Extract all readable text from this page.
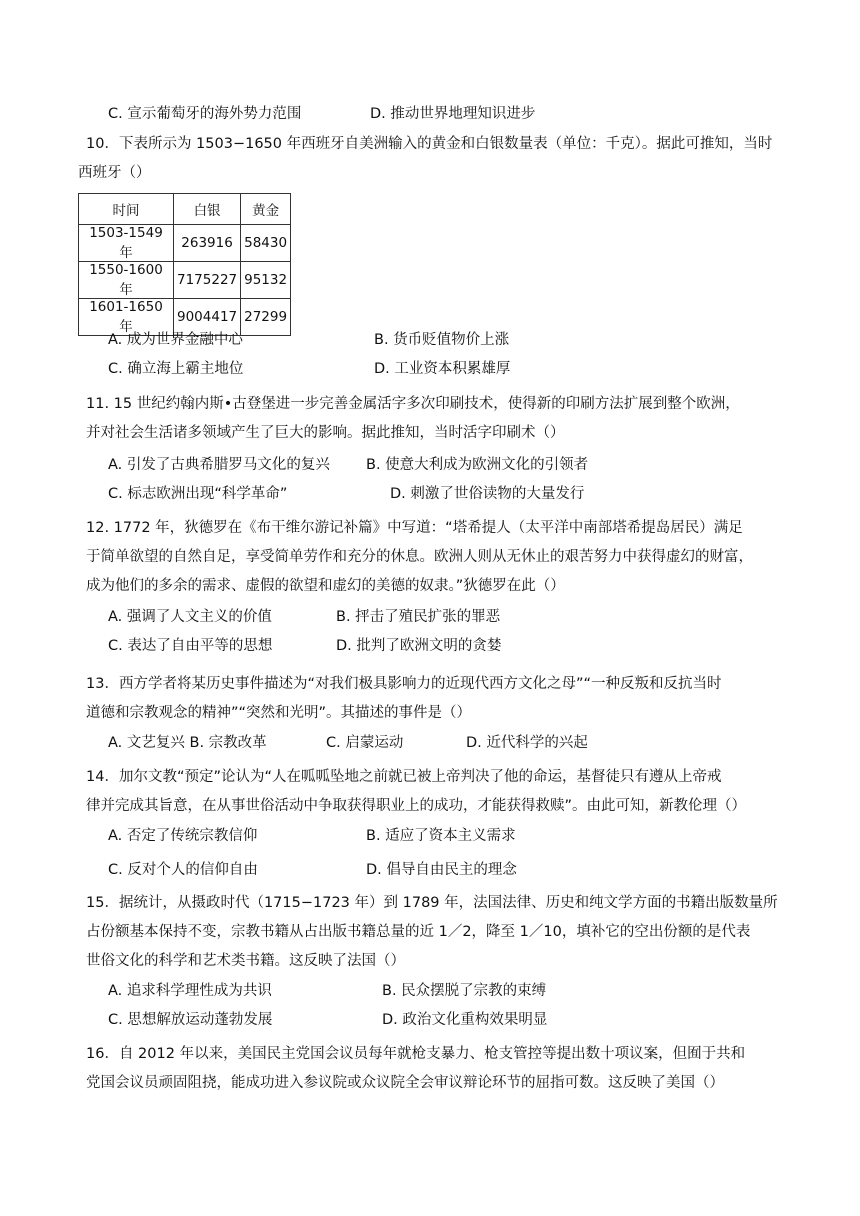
C. 宣示葡萄牙的海外势力范围	D. 推动世界地理知识进步
10．下表所示为 1503−1650 年西班牙自美洲输入的黄金和白银数量表（单位：千克）。据此可推知，当时
西班牙（）
时间	白银	黄金
1503-1549 年	263916	58430
1550-1600 年	7175227	95132
1601-1650 年	9004417	27299
A. 成为世界金融中心	B. 货币贬值物价上涨
C. 确立海上霸主地位	D. 工业资本积累雄厚
11. 15 世纪约翰内斯•古登堡进一步完善金属活字多次印刷技术，使得新的印刷方法扩展到整个欧洲，
并对社会生活诸多领域产生了巨大的影响。据此推知，当时活字印刷术（）
A. 引发了古典希腊罗马文化的复兴 B. 使意大利成为欧洲文化的引领者
C. 标志欧洲出现“科学革命”	D. 刺激了世俗读物的大量发行
12. 1772 年，狄德罗在《布干维尔游记补篇》中写道：“塔希提人（太平洋中南部塔希提岛居民）满足
于简单欲望的自然自足，享受简单劳作和充分的休息。欧洲人则从无休止的艰苦努力中获得虚幻的财富，
成为他们的多余的需求、虚假的欲望和虚幻的美德的奴隶。”狄德罗在此（）
A. 强调了人文主义的价值	B. 抨击了殖民扩张的罪恶
C. 表达了自由平等的思想	D. 批判了欧洲文明的贪婪
13．西方学者将某历史事件描述为“对我们极具影响力的近现代西方文化之母”“一种反叛和反抗当时
道德和宗教观念的精神”“突然和光明”。其描述的事件是（）
A. 文艺复兴 B. 宗教改革	C. 启蒙运动	D. 近代科学的兴起
14．加尔文教“预定”论认为“人在呱呱坠地之前就已被上帝判决了他的命运，基督徒只有遵从上帝戒
律并完成其旨意，在从事世俗活动中争取获得职业上的成功，才能获得救赎”。由此可知，新教伦理（）
A. 否定了传统宗教信仰	B. 适应了资本主义需求
C. 反对个人的信仰自由	D. 倡导自由民主的理念
15．据统计，从摄政时代（1715−1723 年）到 1789 年，法国法律、历史和纯文学方面的书籍出版数量所
占份额基本保持不变，宗教书籍从占出版书籍总量的近 1／2，降至 1／10，填补它的空出份额的是代表
世俗文化的科学和艺术类书籍。这反映了法国（）
A. 追求科学理性成为共识	B. 民众摆脱了宗教的束缚
C. 思想解放运动蓬勃发展	D. 政治文化重构效果明显
16．自 2012 年以来，美国民主党国会议员每年就枪支暴力、枪支管控等提出数十项议案，但囿于共和
党国会议员顽固阻挠，能成功进入参议院或众议院全会审议辩论环节的屈指可数。这反映了美国（）
